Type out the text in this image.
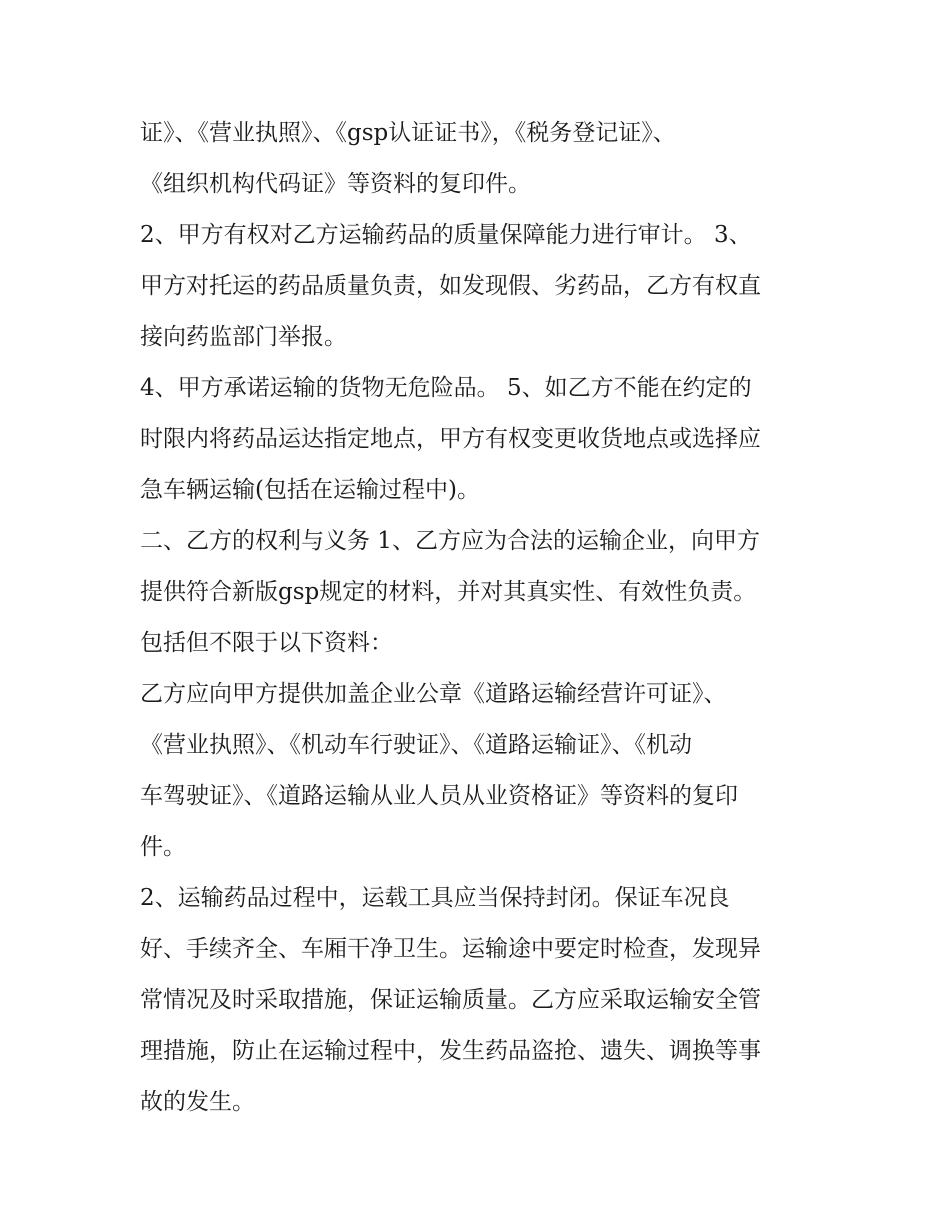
证》、《营业执照》、《gsp认证证书》，《税务登记证》、
《组织机构代码证》等资料的复印件。
2、甲方有权对乙方运输药品的质量保障能力进行审计。 3、
甲方对托运的药品质量负责，如发现假、劣药品，乙方有权直
接向药监部门举报。
4、甲方承诺运输的货物无危险品。 5、如乙方不能在约定的
时限内将药品运达指定地点，甲方有权变更收货地点或选择应
急车辆运输(包括在运输过程中)。
二、乙方的权利与义务 1、乙方应为合法的运输企业，向甲方
提供符合新版gsp规定的材料，并对其真实性、有效性负责。
包括但不限于以下资料：
乙方应向甲方提供加盖企业公章《道路运输经营许可证》、
《营业执照》、《机动车行驶证》、《道路运输证》、《机动
车驾驶证》、《道路运输从业人员从业资格证》等资料的复印
件。
2、运输药品过程中，运载工具应当保持封闭。保证车况良
好、手续齐全、车厢干净卫生。运输途中要定时检查，发现异
常情况及时采取措施，保证运输质量。乙方应采取运输安全管
理措施，防止在运输过程中，发生药品盗抢、遗失、调换等事
故的发生。
